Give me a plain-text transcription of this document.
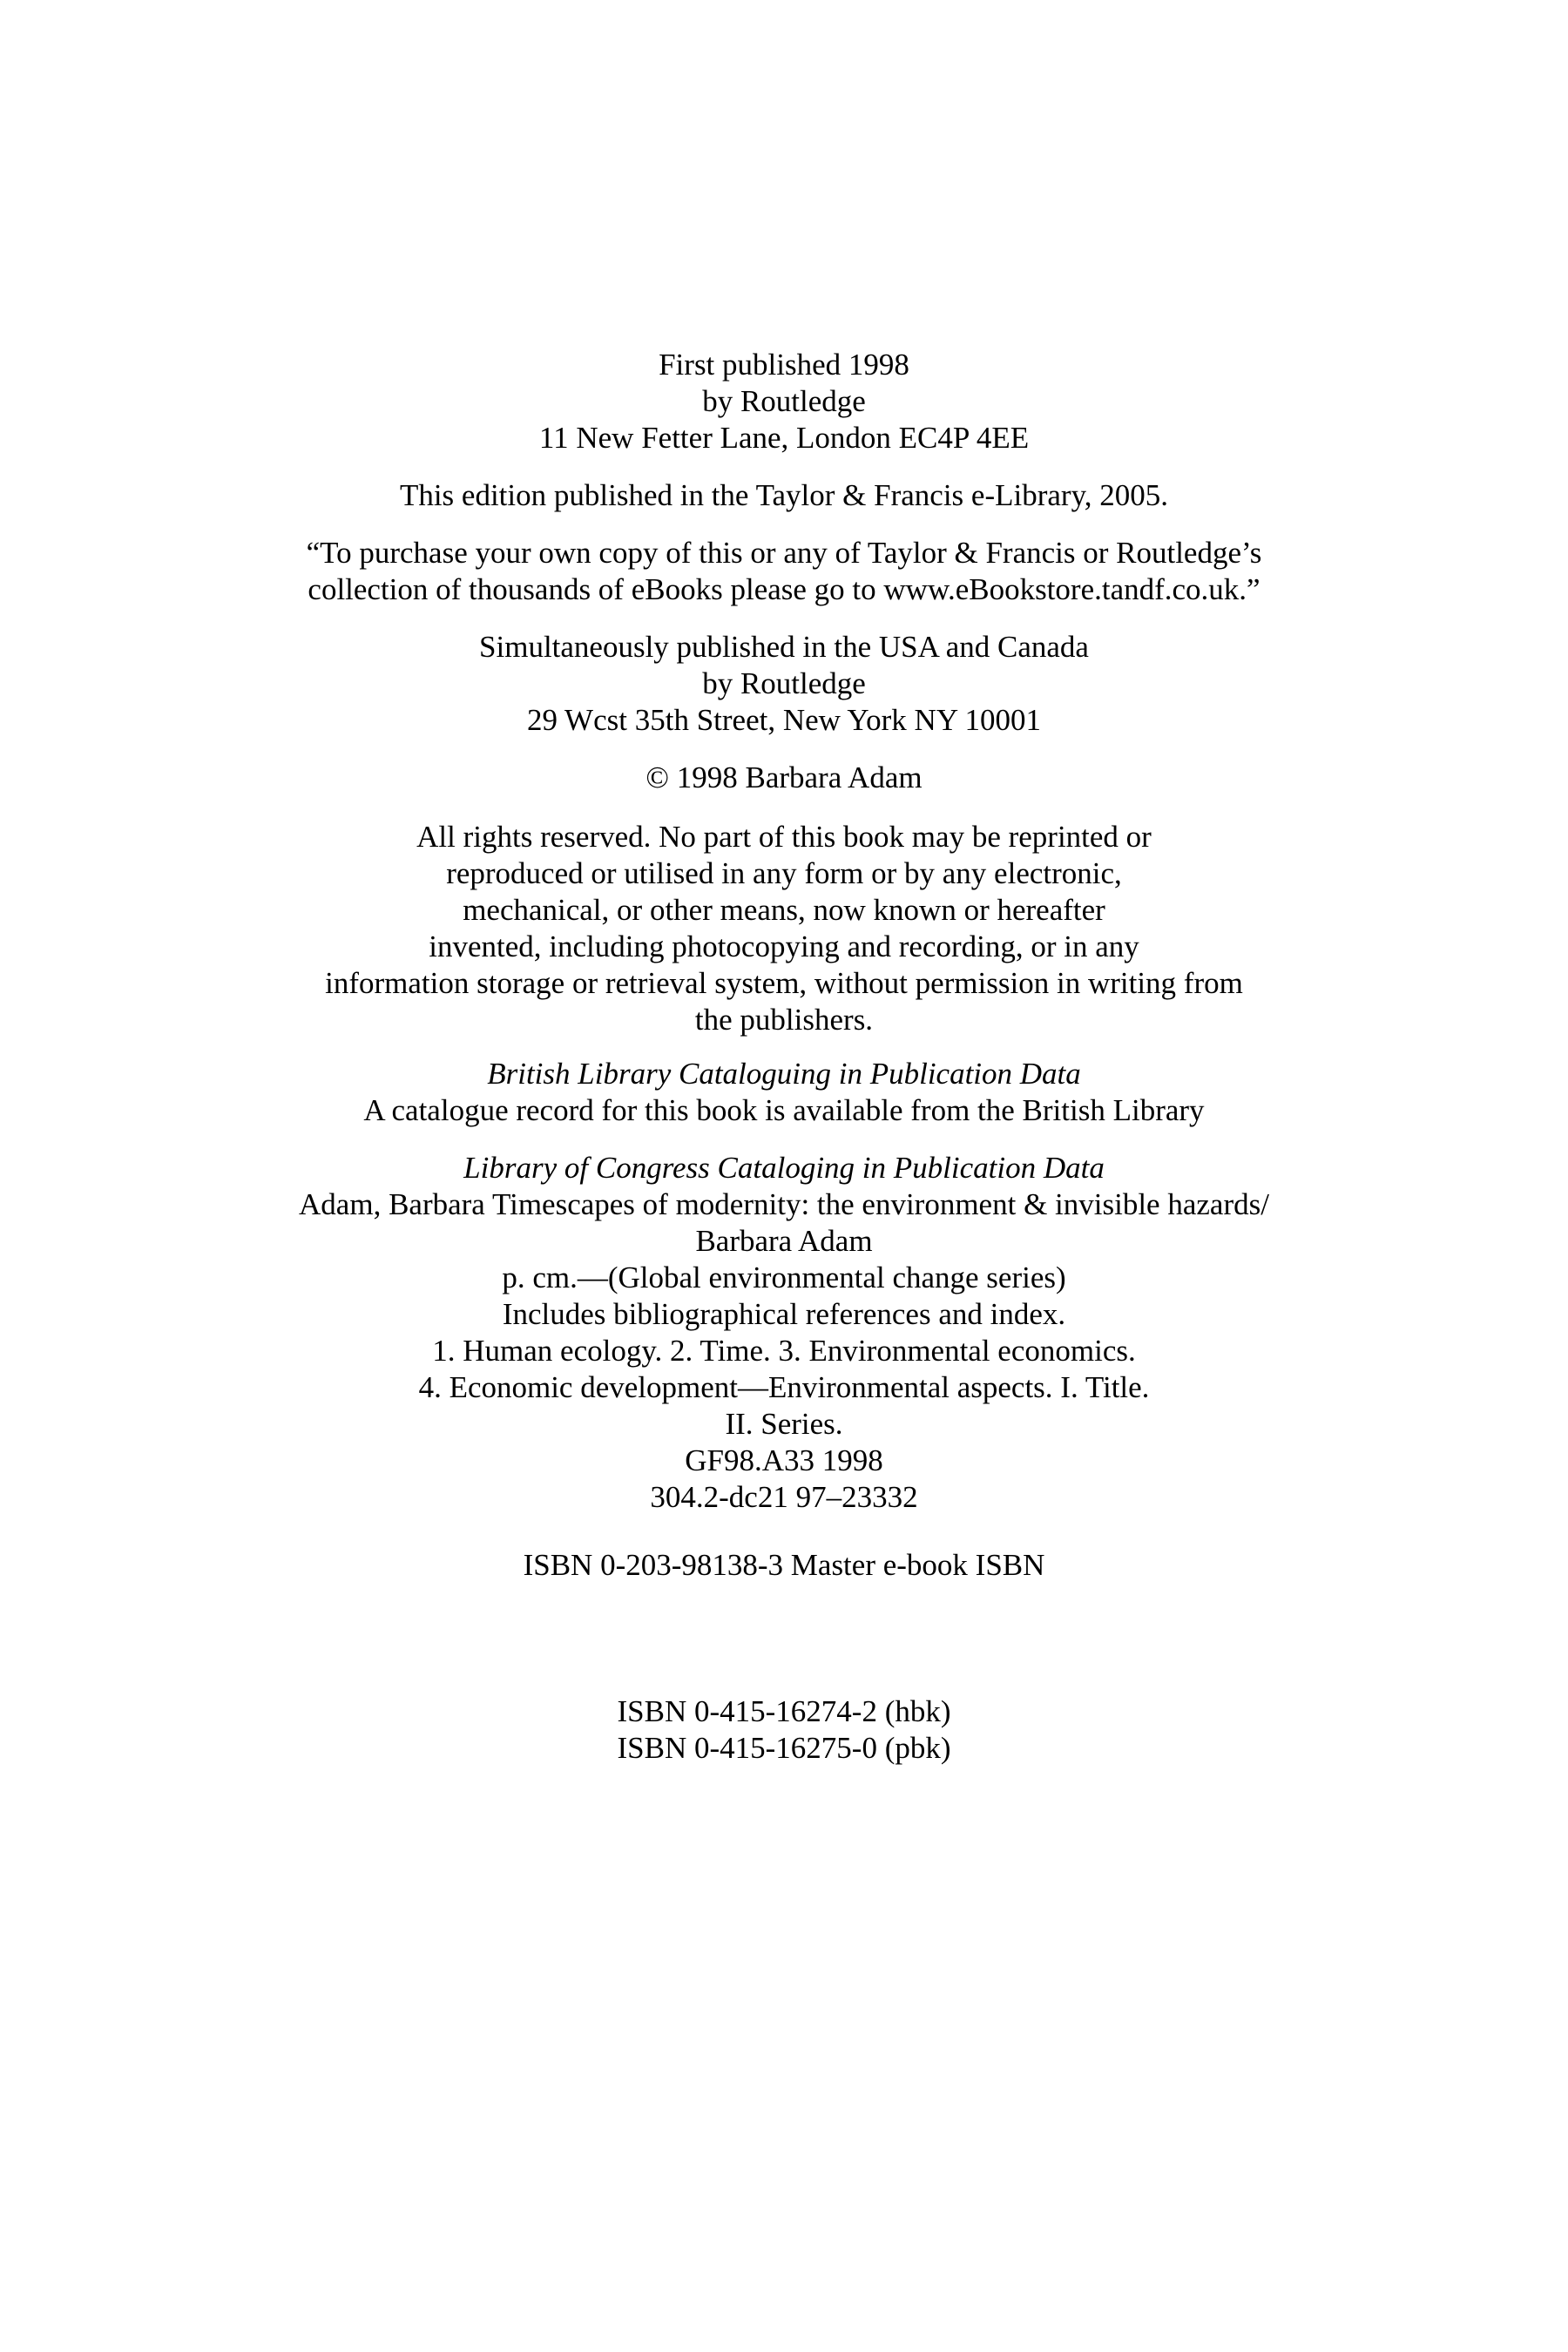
First published 1998
by Routledge
11 New Fetter Lane, London EC4P 4EE
This edition published in the Taylor & Francis e-Library, 2005.
“To purchase your own copy of this or any of Taylor & Francis or Routledge’s
collection of thousands of eBooks please go to www.eBookstore.tandf.co.uk.”
Simultaneously published in the USA and Canada
by Routledge
29 Wcst 35th Street, New York NY 10001
© 1998 Barbara Adam
All rights reserved. No part of this book may be reprinted or
reproduced or utilised in any form or by any electronic,
mechanical, or other means, now known or hereafter
invented, including photocopying and recording, or in any
information storage or retrieval system, without permission in writing from
the publishers.
British Library Cataloguing in Publication Data
A catalogue record for this book is available from the British Library
Library of Congress Cataloging in Publication Data
Adam, Barbara Timescapes of modernity: the environment & invisible hazards/
Barbara Adam
p. cm.—(Global environmental change series)
Includes bibliographical references and index.
1. Human ecology. 2. Time. 3. Environmental economics.
4. Economic development—Environmental aspects. I. Title.
II. Series.
GF98.A33 1998
304.2-dc21 97–23332
ISBN 0-203-98138-3 Master e-book ISBN
ISBN 0-415-16274-2 (hbk)
ISBN 0-415-16275-0 (pbk)
